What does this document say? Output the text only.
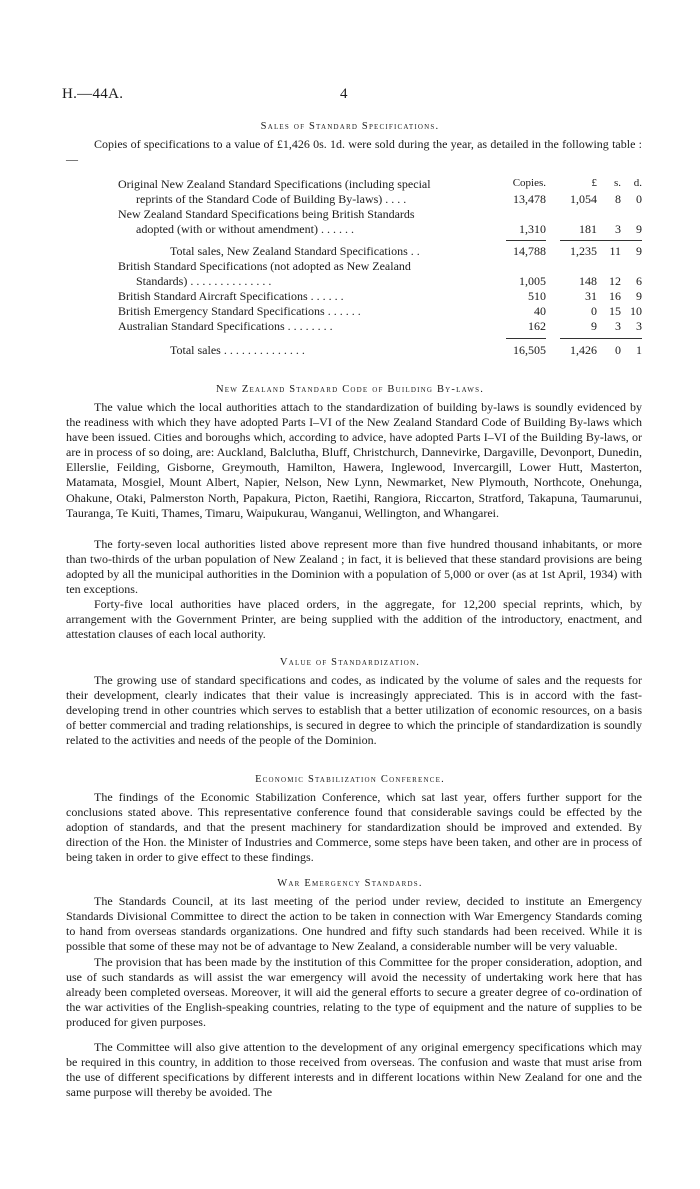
H.—44A.	4
Sales of Standard Specifications.

Copies of specifications to a value of £1,426 0s. 1d. were sold during the year, as detailed in the following table :—

Copies.	£	s.	d.
Original New Zealand Standard Specifications (including special
reprints of the Standard Code of Building By-laws) . . . .	13,478	1,054	8	0
New Zealand Standard Specifications being British Standards
adopted (with or without amendment) . . . . . .	1,310	181	3	9
Total sales, New Zealand Standard Specifications . .	14,788	1,235	11	9
British Standard Specifications (not adopted as New Zealand
Standards) . . . . . . . . . . . . . .	1,005	148	12	6
British Standard Aircraft Specifications . . . . . .	510	31	16	9
British Emergency Standard Specifications . . . . . .	40	0	15 10
Australian Standard Specifications . . . . . . . .	162	9	3	3
Total sales . . . . . . . . . . . . . .	16,505	1,426	0	1
New Zealand Standard Code of Building By-laws.

The value which the local authorities attach to the standardization of building by-laws is soundly evidenced by the readiness with which they have adopted Parts I–VI of the New Zealand Standard Code of Building By-laws which have been issued. Cities and boroughs which, according to advice, have adopted Parts I–VI of the Building By-laws, or are in process of so doing, are: Auckland, Balclutha, Bluff, Christchurch, Dannevirke, Dargaville, Devonport, Dunedin, Ellerslie, Feilding, Gisborne, Greymouth, Hamilton, Hawera, Inglewood, Invercargill, Lower Hutt, Masterton, Matamata, Mosgiel, Mount Albert, Napier, Nelson, New Lynn, Newmarket, New Plymouth, Northcote, Onehunga, Ohakune, Otaki, Palmerston North, Papakura, Picton, Raetihi, Rangiora, Riccarton, Stratford, Takapuna, Taumarunui, Tauranga, Te Kuiti, Thames, Timaru, Waipukurau, Wanganui, Wellington, and Whangarei.

The forty-seven local authorities listed above represent more than five hundred thousand inhabitants, or more than two-thirds of the urban population of New Zealand ; in fact, it is believed that these standard provisions are being adopted by all the municipal authorities in the Dominion with a population of 5,000 or over (as at 1st April, 1934) with ten exceptions.

Forty-five local authorities have placed orders, in the aggregate, for 12,200 special reprints, which, by arrangement with the Government Printer, are being supplied with the addition of the introductory, enactment, and attestation clauses of each local authority.

Value of Standardization.

The growing use of standard specifications and codes, as indicated by the volume of sales and the requests for their development, clearly indicates that their value is increasingly appreciated. This is in accord with the fast-developing trend in other countries which serves to establish that a better utilization of economic resources, on a basis of better commercial and trading relationships, is secured in degree to which the principle of standardization is soundly related to the activities and needs of the people of the Dominion.

Economic Stabilization Conference.

The findings of the Economic Stabilization Conference, which sat last year, offers further support for the conclusions stated above. This representative conference found that considerable savings could be effected by the adoption of standards, and that the present machinery for standardization should be improved and extended. By direction of the Hon. the Minister of Industries and Commerce, some steps have been taken, and other are in process of being taken in order to give effect to these findings.

War Emergency Standards.

The Standards Council, at its last meeting of the period under review, decided to institute an Emergency Standards Divisional Committee to direct the action to be taken in connection with War Emergency Standards coming to hand from overseas standards organizations. One hundred and fifty such standards had been received. While it is possible that some of these may not be of advantage to New Zealand, a considerable number will be very valuable.

The provision that has been made by the institution of this Committee for the proper consideration, adoption, and use of such standards as will assist the war emergency will avoid the necessity of undertaking work here that has already been completed overseas. Moreover, it will aid the general efforts to secure a greater degree of co-ordination of the war activities of the English-speaking countries, relating to the type of equipment and the nature of supplies to be produced for given purposes.

The Committee will also give attention to the development of any original emergency specifications which may be required in this country, in addition to those received from overseas. The confusion and waste that must arise from the use of different specifications by different interests and in different locations within New Zealand for one and the same purpose will thereby be avoided. The
